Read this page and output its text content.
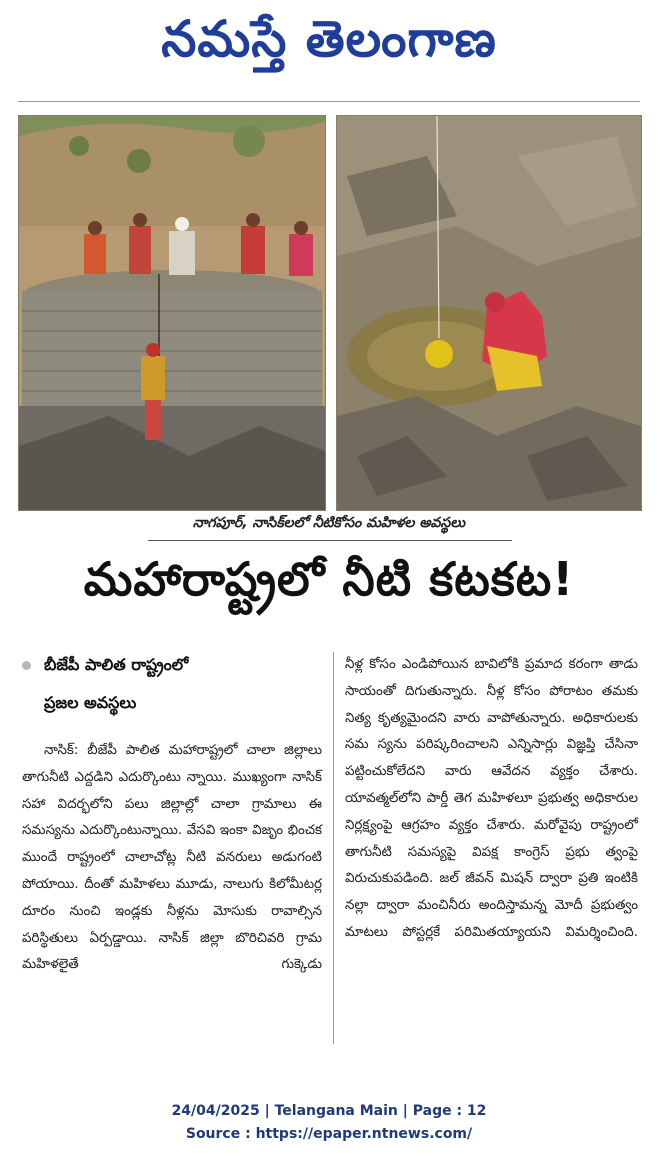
నమస్తే తెలంగాణ
నాగపూర్, నాసిక్‌లలో నీటికోసం మహిళల అవస్థలు
మహారాష్ట్రలో నీటి కటకట!
బీజేపీ పాలిత రాష్ట్రంలో
ప్రజల అవస్థలు
నాసిక్: బీజేపీ పాలిత మహారాష్ట్రలో చాలా జిల్లాలు తాగునీటి ఎద్దడిని ఎదుర్కొంటు న్నాయి. ముఖ్యంగా నాసిక్ సహా విదర్భలోని పలు జిల్లాల్లో చాలా గ్రామాలు ఈ సమస్యను ఎదుర్కొంటున్నాయి. వేసవి ఇంకా విజృం భించక ముందే రాష్ట్రంలో చాలాచోట్ల నీటి వనరులు అడుగంటి పోయాయి. దీంతో మహిళలు మూడు, నాలుగు కిలోమీటర్ల దూరం నుంచి ఇండ్లకు నీళ్లను మోసుకు రావాల్సిన పరిస్థితులు ఏర్పడ్డాయి. నాసిక్ జిల్లా బొరిచివరి గ్రామ మహిళలైతే గుక్కెడు
నీళ్ల కోసం ఎండిపోయిన బావిలోకి ప్రమాద కరంగా తాడు సాయంతో దిగుతున్నారు. నీళ్ల కోసం పోరాటం తమకు నిత్య కృత్యమైందని వారు వాపోతున్నారు. అధికారులకు సమ స్యను పరిష్కరించాలని ఎన్నిసార్లు విజ్ఞప్తి చేసినా పట్టించుకోలేదని వారు ఆవేదన వ్యక్తం చేశారు. యావత్మల్‌లోని పార్డీ తెగ మహిళలూ ప్రభుత్వ అధికారుల నిర్లక్ష్యంపై ఆగ్రహం వ్యక్తం చేశారు. మరోవైపు రాష్ట్రంలో తాగునీటి సమస్యపై విపక్ష కాంగ్రెస్ ప్రభు త్వంపై విరుచుకుపడింది. జల్ జీవన్ మిషన్ ద్వారా ప్రతి ఇంటికి నల్లా ద్వారా మంచినీరు అందిస్తామన్న మోదీ ప్రభుత్వం మాటలు పోస్టర్లకే పరిమితయ్యాయని విమర్శించింది.
24/04/2025 | Telangana Main | Page : 12
Source : https://epaper.ntnews.com/
